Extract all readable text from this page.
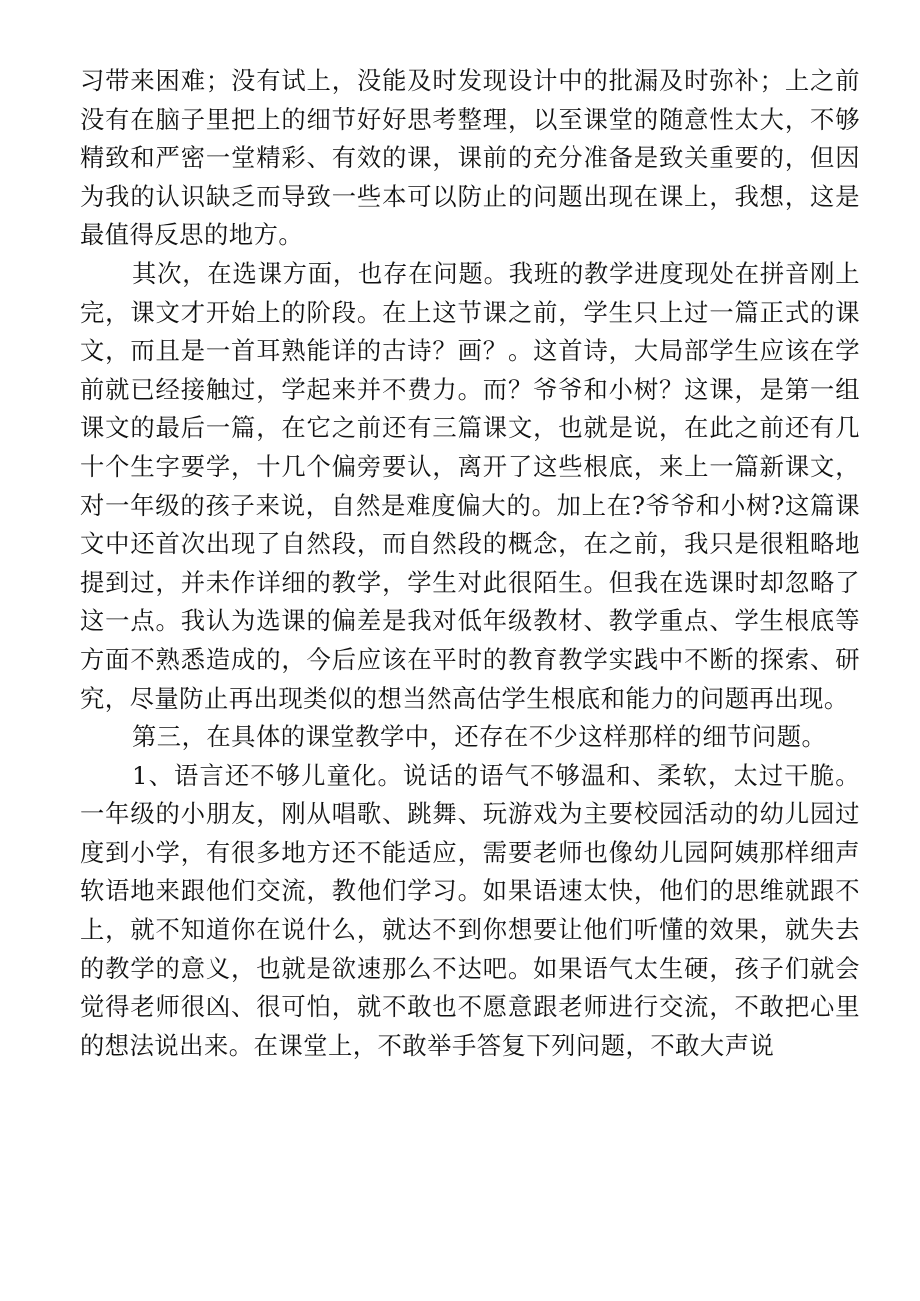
习带来困难；没有试上，没能及时发现设计中的批漏及时弥补；上之前没有在脑子里把上的细节好好思考整理，以至课堂的随意性太大，不够精致和严密一堂精彩、有效的课，课前的充分准备是致关重要的，但因为我的认识缺乏而导致一些本可以防止的问题出现在课上，我想，这是最值得反思的地方。

其次，在选课方面，也存在问题。我班的教学进度现处在拼音刚上完，课文才开始上的阶段。在上这节课之前，学生只上过一篇正式的课文，而且是一首耳熟能详的古诗？画？。这首诗，大局部学生应该在学前就已经接触过，学起来并不费力。而？爷爷和小树？这课，是第一组课文的最后一篇，在它之前还有三篇课文，也就是说，在此之前还有几十个生字要学，十几个偏旁要认，离开了这些根底，来上一篇新课文，对一年级的孩子来说，自然是难度偏大的。加上在?爷爷和小树?这篇课文中还首次出现了自然段，而自然段的概念，在之前，我只是很粗略地提到过，并未作详细的教学，学生对此很陌生。但我在选课时却忽略了这一点。我认为选课的偏差是我对低年级教材、教学重点、学生根底等方面不熟悉造成的，今后应该在平时的教育教学实践中不断的探索、研究，尽量防止再出现类似的想当然高估学生根底和能力的问题再出现。

第三，在具体的课堂教学中，还存在不少这样那样的细节问题。

1、语言还不够儿童化。说话的语气不够温和、柔软，太过干脆。一年级的小朋友，刚从唱歌、跳舞、玩游戏为主要校园活动的幼儿园过度到小学，有很多地方还不能适应，需要老师也像幼儿园阿姨那样细声软语地来跟他们交流，教他们学习。如果语速太快，他们的思维就跟不上，就不知道你在说什么，就达不到你想要让他们听懂的效果，就失去的教学的意义，也就是欲速那么不达吧。如果语气太生硬，孩子们就会觉得老师很凶、很可怕，就不敢也不愿意跟老师进行交流，不敢把心里的想法说出来。在课堂上，不敢举手答复下列问题，不敢大声说
